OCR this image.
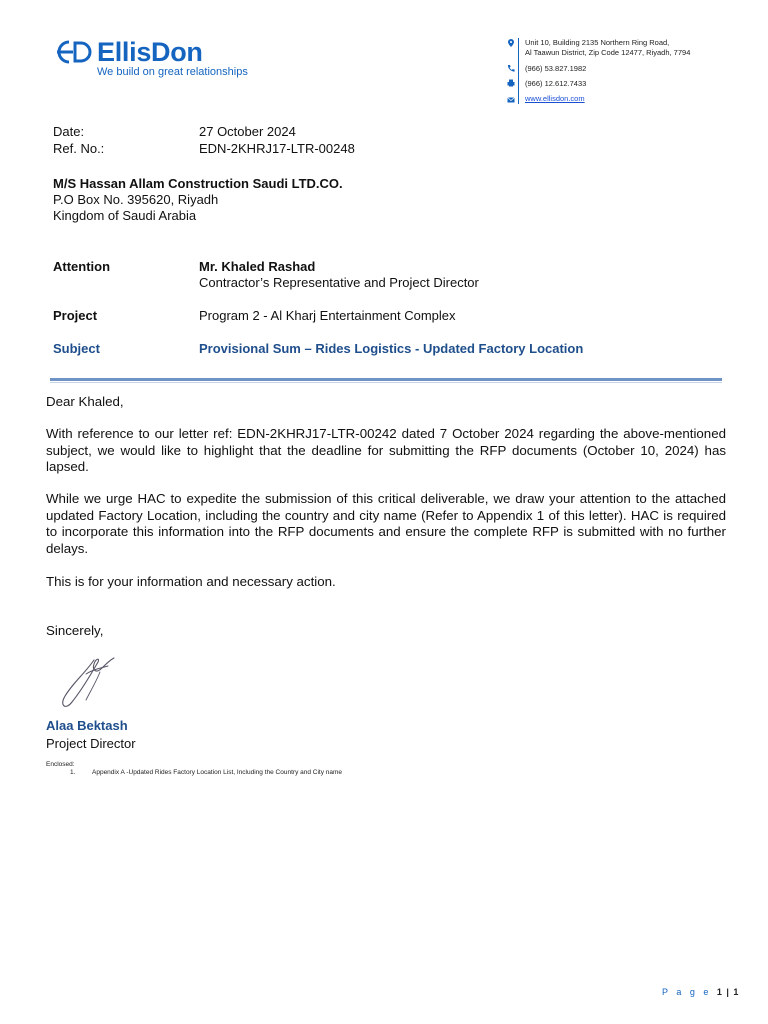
EllisDon
We build on great relationships
Unit 10, Building 2135 Northern Ring Road,
Al Taawun District, Zip Code 12477, Riyadh, 7794
(966) 53.827.1982
(966) 12.612.7433
www.ellisdon.com
Date:	27 October 2024
Ref. No.:	EDN-2KHRJ17-LTR-00248
M/S Hassan Allam Construction Saudi LTD.CO.
P.O Box No. 395620, Riyadh
Kingdom of Saudi Arabia
Attention	Mr. Khaled Rashad
Contractor’s Representative and Project Director
Project	Program 2 - Al Kharj Entertainment Complex
Subject	Provisional Sum – Rides Logistics - Updated Factory Location
Dear Khaled,
With reference to our letter ref: EDN-2KHRJ17-LTR-00242 dated 7 October 2024 regarding the above-mentioned subject, we would like to highlight that the deadline for submitting the RFP documents (October 10, 2024) has lapsed.
While we urge HAC to expedite the submission of this critical deliverable, we draw your attention to the attached updated Factory Location, including the country and city name (Refer to Appendix 1 of this letter). HAC is required to incorporate this information into the RFP documents and ensure the complete RFP is submitted with no further delays.
This is for your information and necessary action.
Sincerely,
Alaa Bektash
Project Director
Enclosed:
1.	Appendix A -Updated Rides Factory Location List, Including the Country and City name
P a g e 1 | 1
